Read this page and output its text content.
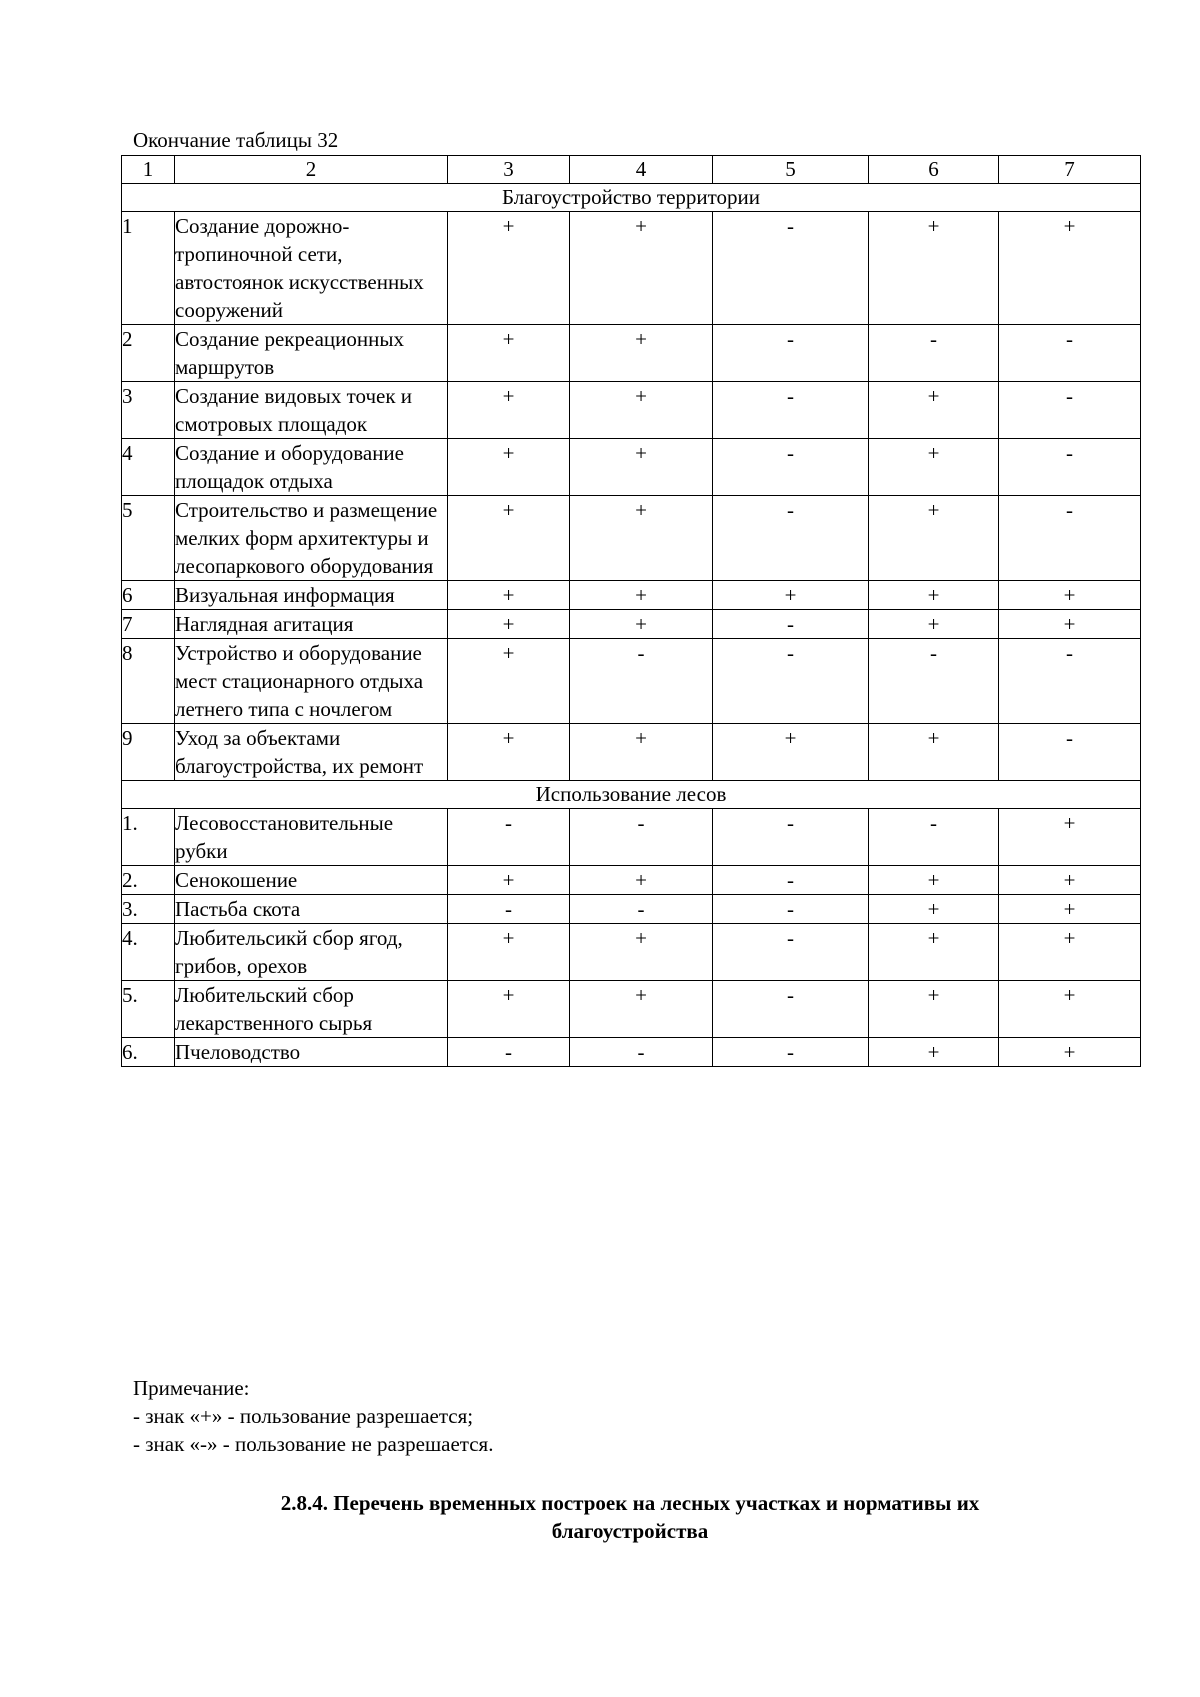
Окончание таблицы 32
1	2	3	4	5	6	7
Благоустройство территории						
1	Создание дорожно-тропиночной сети, автостоянок искусственных сооружений	+	+	-	+	+
2	Создание рекреационных маршрутов	+	+	-	-	-
3	Создание видовых точек и смотровых площадок	+	+	-	+	-
4	Создание и оборудование площадок отдыха	+	+	-	+	-
5	Строительство и размещение мелких форм архитектуры и лесопаркового оборудования	+	+	-	+	-
6	Визуальная информация	+	+	+	+	+
7	Наглядная агитация	+	+	-	+	+
8	Устройство и оборудование мест стационарного отдыха летнего типа с ночлегом	+	-	-	-	-
9	Уход за объектами благоустройства, их ремонт	+	+	+	+	-
Использование лесов						
1.	Лесовосстановительные рубки	-	-	-	-	+
2.	Сенокошение	+	+	-	+	+
3.	Пастьба скота	-	-	-	+	+
4.	Любительсикй сбор ягод, грибов, орехов	+	+	-	+	+
5.	Любительский сбор лекарственного сырья	+	+	-	+	+
6.	Пчеловодство	-	-	-	+	+
Примечание:
- знак «+» - пользование разрешается;
- знак «-» - пользование не разрешается.
2.8.4. Перечень временных построек на лесных участках и нормативы их благоустройства
